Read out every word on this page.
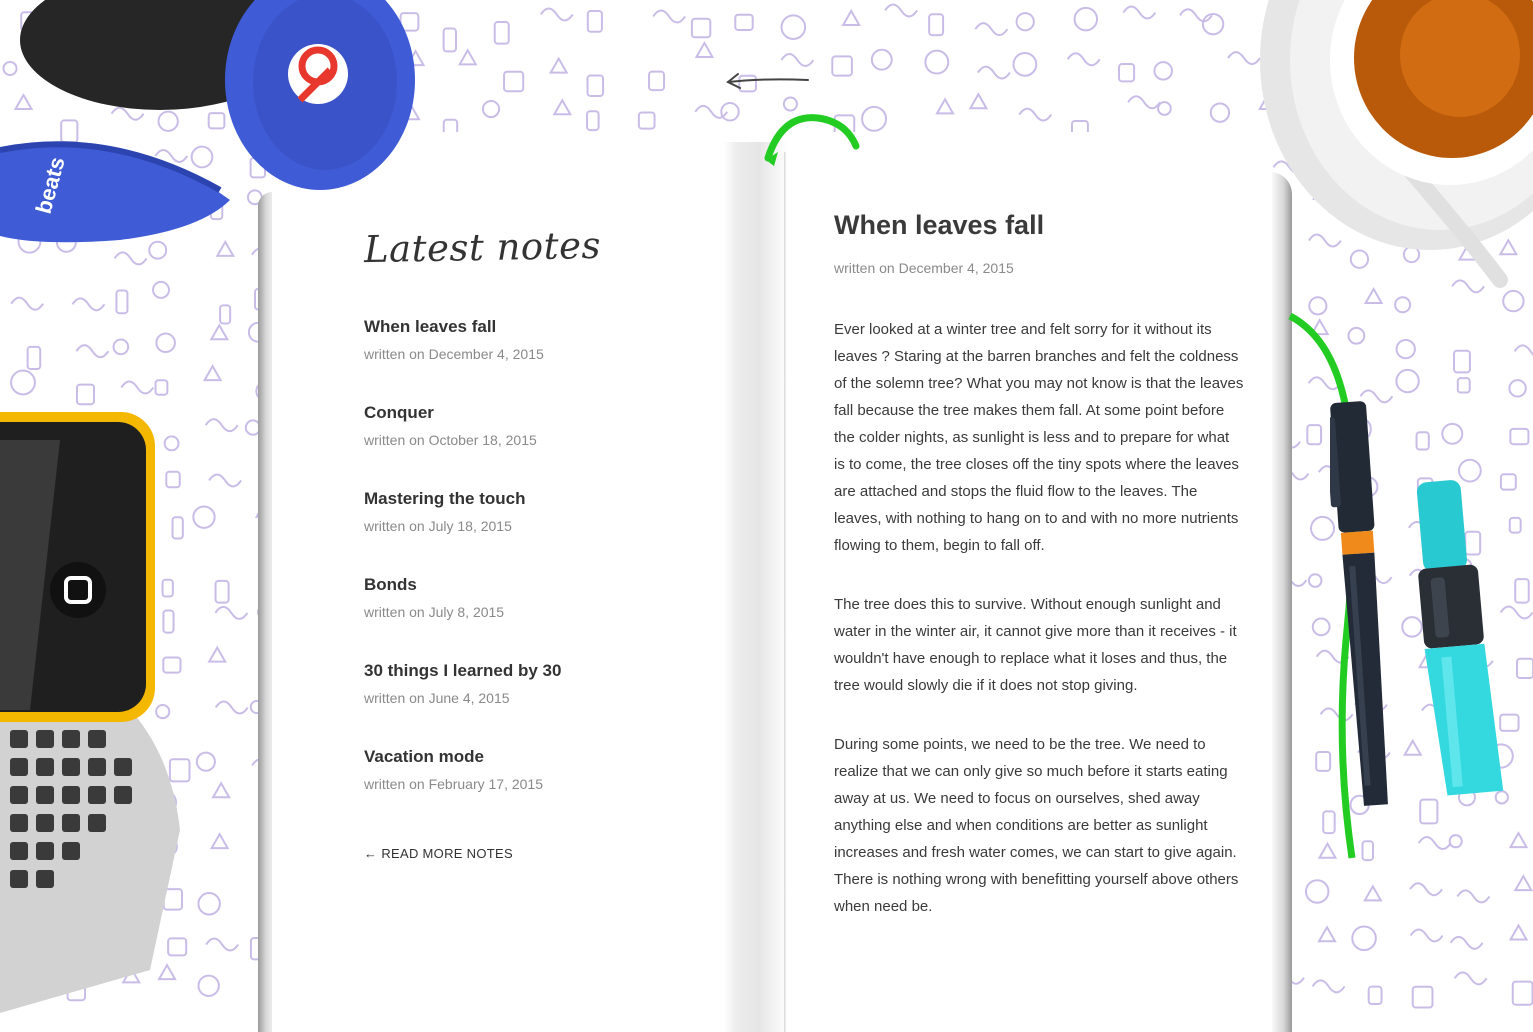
beats
Latest notes
When leaves fall
written on December 4, 2015
Conquer
written on October 18, 2015
Mastering the touch
written on July 18, 2015
Bonds
written on July 8, 2015
30 things I learned by 30
written on June 4, 2015
Vacation mode
written on February 17, 2015
← READ MORE NOTES
When leaves fall
written on December 4, 2015

Ever looked at a winter tree and felt sorry for it without its leaves ? Staring at the barren branches and felt the coldness of the solemn tree? What you may not know is that the leaves fall because the tree makes them fall. At some point before the colder nights, as sunlight is less and to prepare for what is to come, the tree closes off the tiny spots where the leaves are attached and stops the fluid flow to the leaves. The leaves, with nothing to hang on to and with no more nutrients flowing to them, begin to fall off.

The tree does this to survive. Without enough sunlight and water in the winter air, it cannot give more than it receives - it wouldn't have enough to replace what it loses and thus, the tree would slowly die if it does not stop giving.

During some points, we need to be the tree. We need to realize that we can only give so much before it starts eating away at us. We need to focus on ourselves, shed away anything else and when conditions are better as sunlight increases and fresh water comes, we can start to give again. There is nothing wrong with benefitting yourself above others when need be.
